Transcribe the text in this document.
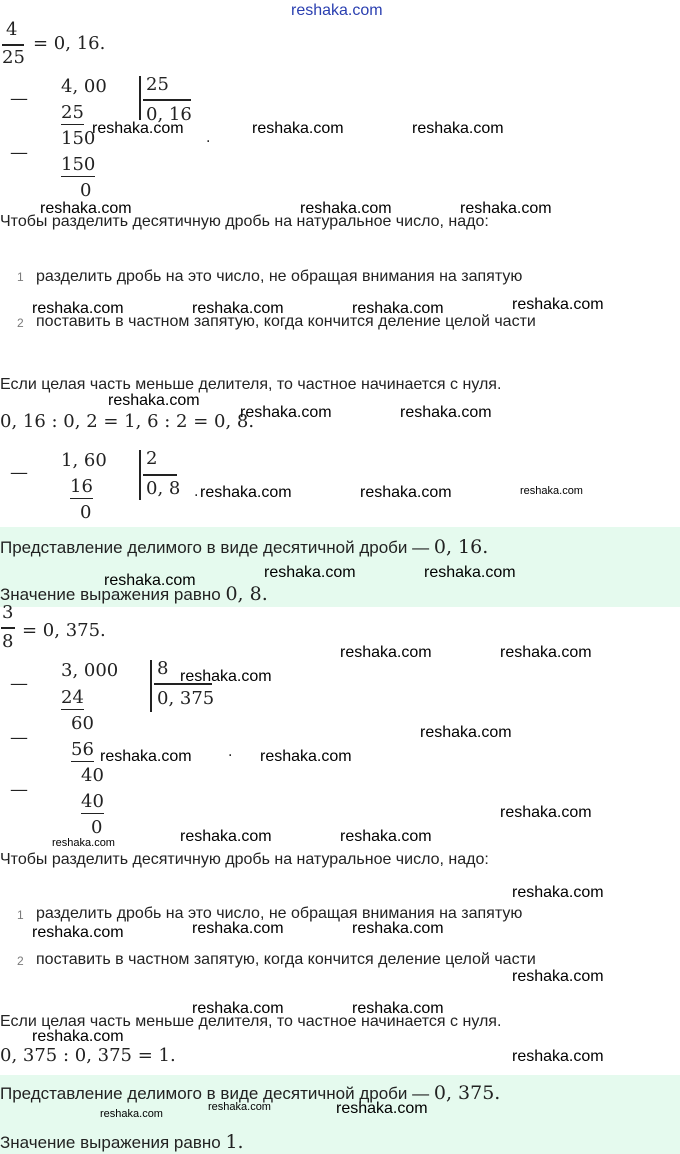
reshaka.com
4
25
= 0, 16.
—
4, 00
25
150
—
150
0
25
0, 16
.
Чтобы разделить десятичную дробь на натуральное число, надо:
1 разделить дробь на это число, не обращая внимания на запятую
2 поставить в частном запятую, когда кончится деление целой части
Если целая часть меньше делителя, то частное начинается с нуля.
0, 16 : 0, 2 = 1, 6 : 2 = 0, 8.
—
1, 60
16
0
2
0, 8 .
Представление делимого в виде десятичной дроби — 0, 16.
Значение выражения равно 0, 8.
3
8
= 0, 375.
—
3, 000
24
60
—
56
40
—
40
0
8
0, 375
.
Чтобы разделить десятичную дробь на натуральное число, надо:
1 разделить дробь на это число, не обращая внимания на запятую
2 поставить в частном запятую, когда кончится деление целой части
Если целая часть меньше делителя, то частное начинается с нуля.
0, 375 : 0, 375 = 1.
Представление делимого в виде десятичной дроби — 0, 375.
Значение выражения равно 1.
reshaka.com	reshaka.com	reshaka.com
reshaka.com	reshaka.com	reshaka.com
reshaka.com	reshaka.com	reshaka.com	reshaka.com
reshaka.com
reshaka.com	reshaka.com
reshaka.com	reshaka.com	reshaka.com
reshaka.com	reshaka.com	reshaka.com
reshaka.com	reshaka.com
reshaka.com
reshaka.com
reshaka.com	reshaka.com
reshaka.com
reshaka.com	reshaka.com	reshaka.com
reshaka.com
reshaka.com	reshaka.com	reshaka.com
reshaka.com
reshaka.com	reshaka.com
reshaka.com
reshaka.com
reshaka.com
reshaka.com	reshaka.com
